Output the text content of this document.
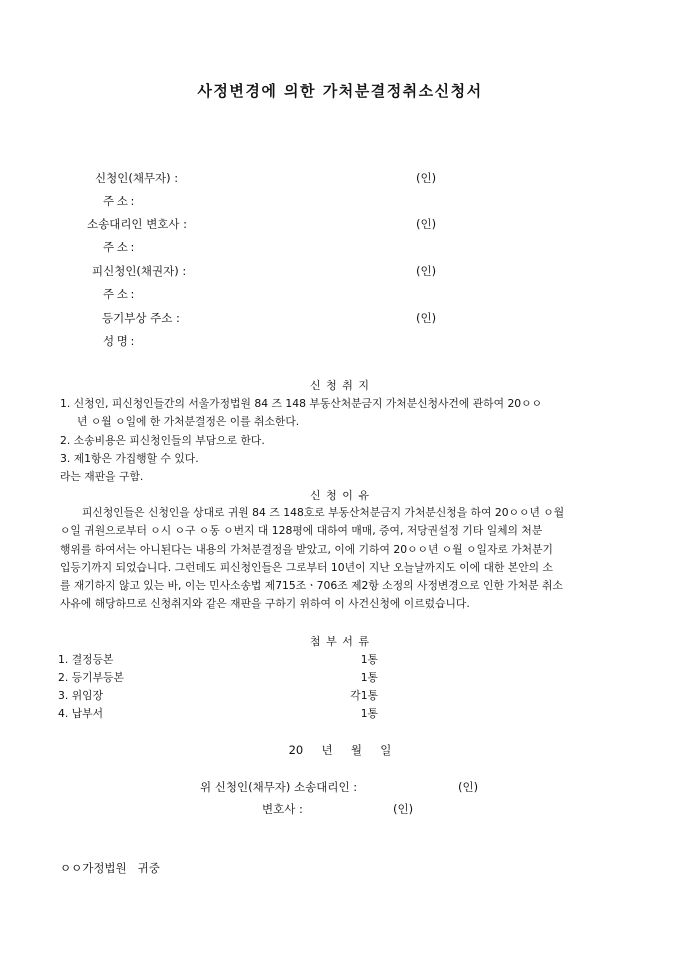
사정변경에 의한 가처분결정취소신청서
신청인(채무자) :	(인)
주 소 :
소송대리인 변호사 :	(인)
주 소 :
피신청인(채권자) :	(인)
주 소 :
등기부상 주소 :	(인)
성 명 :
신 청 취 지

1. 신청인, 피신청인들간의 서울가정법원 84 즈 148 부동산처분금지 가처분신청사건에 관하여 20ㅇㅇ

년 ㅇ월 ㅇ일에 한 가처분결정은 이를 취소한다.

2. 소송비용은 피신청인들의 부담으로 한다.

3. 제1항은 가집행할 수 있다.

라는 재판을 구함.

신 청 이 유

피신청인들은 신청인을 상대로 귀원 84 즈 148호로 부동산처분금지 가처분신청을 하여 20ㅇㅇ년 ㅇ월

ㅇ일 귀원으로부터 ㅇ시 ㅇ구 ㅇ동 ㅇ번지 대 128평에 대하여 매매, 증여, 저당권설정 기타 일체의 처분

행위를 하여서는 아니된다는 내용의 가처분결정을 받았고, 이에 기하여 20ㅇㅇ년 ㅇ월 ㅇ일자로 가처분기

입등기까지 되었습니다. 그런데도 피신청인들은 그로부터 10년이 지난 오늘날까지도 이에 대한 본안의 소

를 재기하지 않고 있는 바, 이는 민사소송법 제715조ㆍ706조 제2항 소정의 사정변경으로 인한 가처분 취소

사유에 해당하므로 신청취지와 같은 재판을 구하기 위하여 이 사건신청에 이르렀습니다.

첨 부 서 류
1. 결정등본	1통
2. 등기부등본	1통
3. 위임장	각1통
4. 납부서	1통
20     년     월     일
위 신청인(채무자) 소송대리인 :	(인)
변호사 :	(인)
ㅇㅇ가정법원   귀중
